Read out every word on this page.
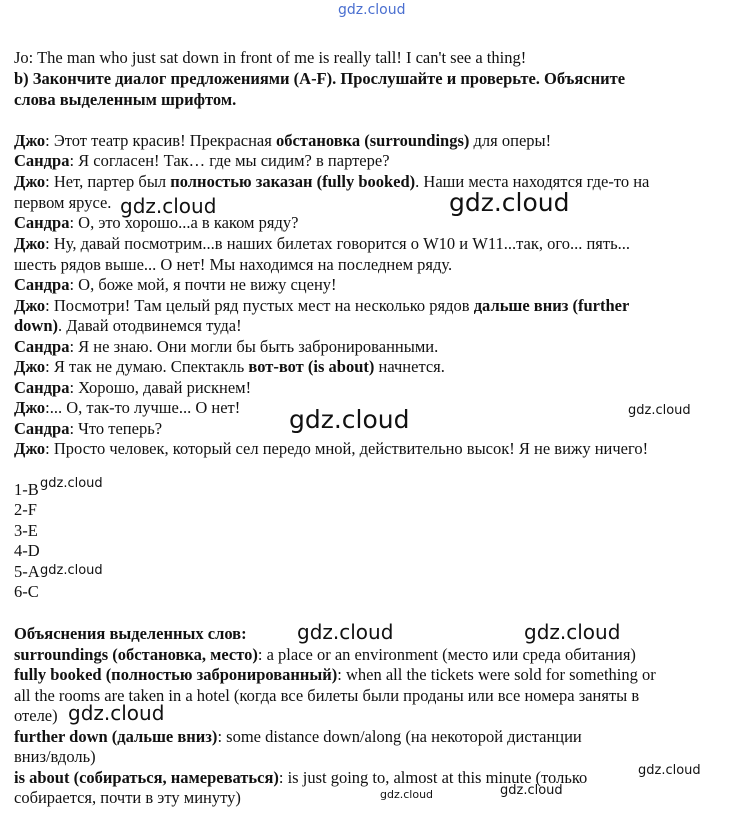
gdz.cloud
gdz.cloud	gdz.cloud
gdz.cloud	gdz.cloud
gdz.cloud
gdz.cloud
gdz.cloud	gdz.cloud
gdz.cloud
gdz.cloud
gdz.cloud	gdz.cloud
Jo: The man who just sat down in front of me is really tall! I can't see a thing!
b) Закончите диалог предложениями (A-F). Прослушайте и проверьте. Объясните
слова выделенным шрифтом.
Джо: Этот театр красив! Прекрасная обстановка (surroundings) для оперы!
Сандра: Я согласен! Так… где мы сидим? в партере?
Джо: Нет, партер был полностью заказан (fully booked). Наши места находятся где-то на
первом ярусе.
Сандра: О, это хорошо...а в каком ряду?
Джо: Ну, давай посмотрим...в наших билетах говорится о W10 и W11...так, ого... пять...
шесть рядов выше... О нет! Мы находимся на последнем ряду.
Сандра: О, боже мой, я почти не вижу сцену!
Джо: Посмотри! Там целый ряд пустых мест на несколько рядов дальше вниз (further
down). Давай отодвинемся туда!
Сандра: Я не знаю. Они могли бы быть забронированными.
Джо: Я так не думаю. Спектакль вот-вот (is about) начнется.
Сандра: Хорошо, давай рискнем!
Джо:... О, так-то лучше... О нет!
Сандра: Что теперь?
Джо: Просто человек, который сел передо мной, действительно высок! Я не вижу ничего!
1-B
2-F
3-E
4-D
5-A
6-C
Объяснения выделенных слов:
surroundings (обстановка, место): a place or an environment (место или среда обитания)
fully booked (полностью забронированный): when all the tickets were sold for something or
all the rooms are taken in a hotel (когда все билеты были проданы или все номера заняты в
отеле)
further down (дальше вниз): some distance down/along (на некоторой дистанции
вниз/вдоль)
is about (собираться, намереваться): is just going to, almost at this minute (только
собирается, почти в эту минуту)
